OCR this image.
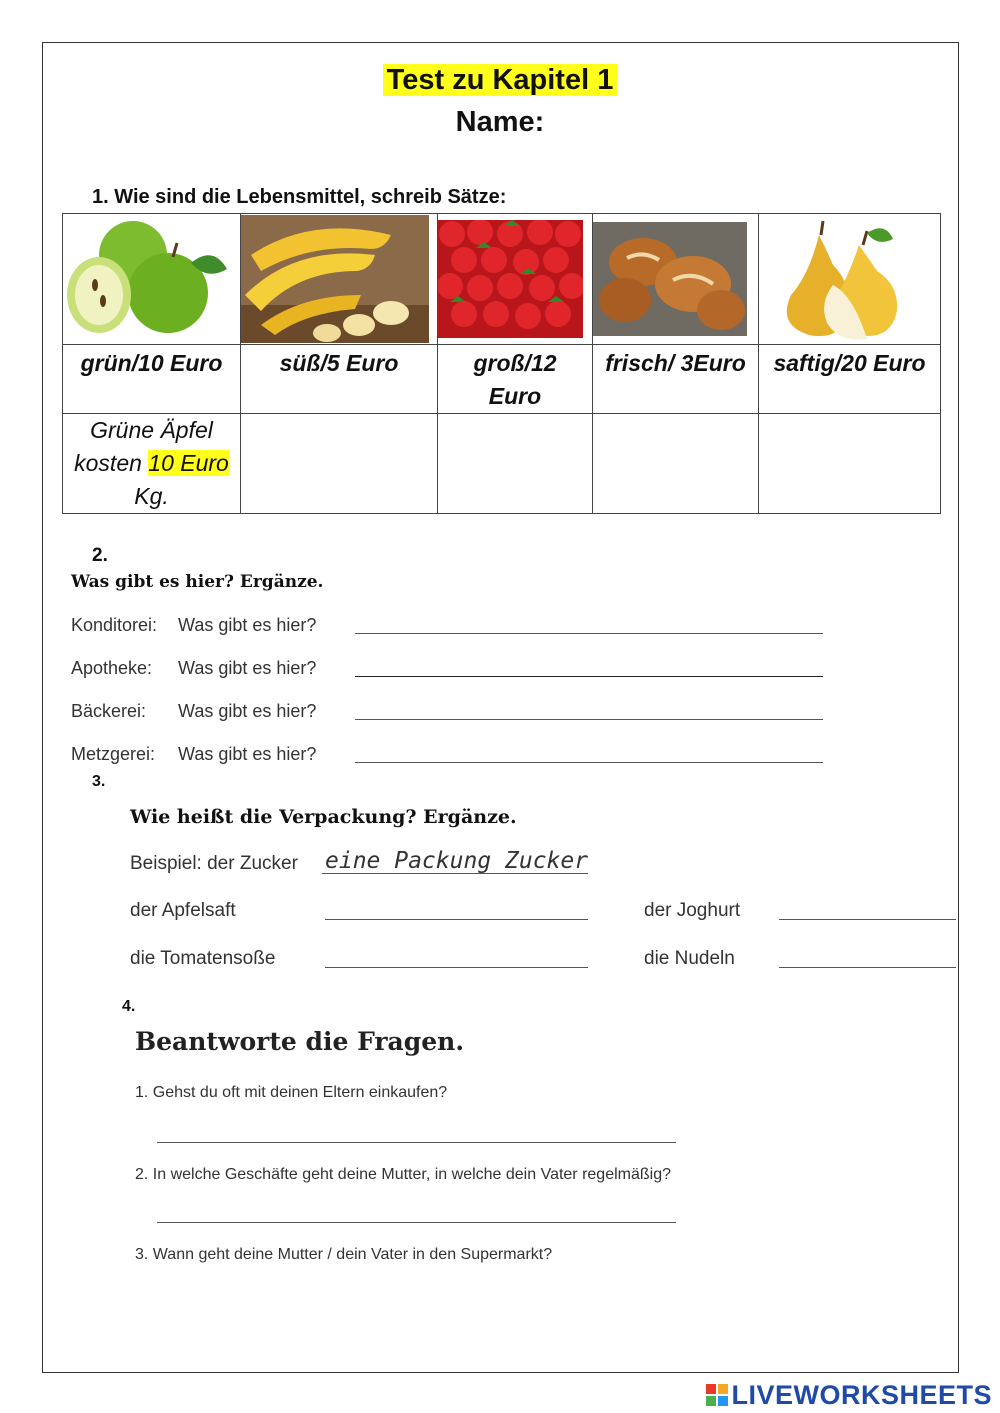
Test zu Kapitel 1
Name:
1. Wie sind die Lebensmittel, schreib Sätze:

grün/10 Euro	süß/5 Euro	groß/12 Euro	frisch/ 3Euro	saftig/20 Euro
Grüne Äpfel kosten 10 Euro Kg.				
2.
Was gibt es hier? Ergänze.
Konditorei: Was gibt es hier?
Apotheke: Was gibt es hier?
Bäckerei: Was gibt es hier?
Metzgerei: Was gibt es hier?
3.
Wie heißt die Verpackung? Ergänze.
Beispiel: der Zucker eine Packung Zucker
der Apfelsaft	der Joghurt
die Tomatensoße	die Nudeln
4.
Beantworte die Fragen.
1. Gehst du oft mit deinen Eltern einkaufen?
2. In welche Geschäfte geht deine Mutter, in welche dein Vater regelmäßig?
3. Wann geht deine Mutter / dein Vater in den Supermarkt?
LIVEWORKSHEETS
